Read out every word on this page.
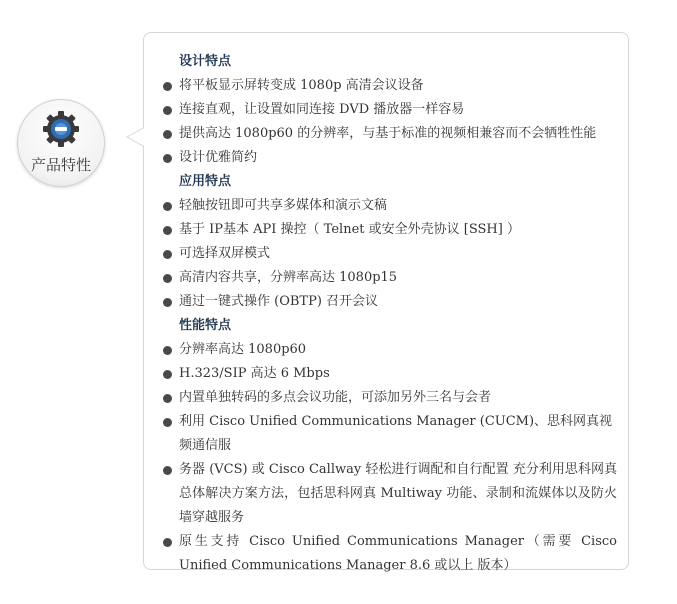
产品特性
设计特点
将平板显示屏转变成 1080p 高清会议设备
连接直观，让设置如同连接 DVD 播放器一样容易
提供高达 1080p60 的分辨率，与基于标准的视频相兼容而不会牺牲性能
设计优雅简约
应用特点
轻触按钮即可共享多媒体和演示文稿
基于 IP基本 API 操控（ Telnet 或安全外壳协议 [SSH] ）
可选择双屏模式
高清内容共享，分辨率高达 1080p15
通过一键式操作 (OBTP) 召开会议
性能特点
分辨率高达 1080p60
H.323/SIP 高达 6 Mbps
内置单独转码的多点会议功能，可添加另外三名与会者
利用 Cisco Unified Communications Manager (CUCM)、思科网真视频通信服
务器 (VCS) 或 Cisco Callway 轻松进行调配和自行配置 充分利用思科网真总体解决方案方法，包括思科网真 Multiway 功能、录制和流媒体以及防火墙穿越服务
原生支持 Cisco Unified Communications Manager（需要 Cisco Unified Communications Manager 8.6 或以上 版本）
